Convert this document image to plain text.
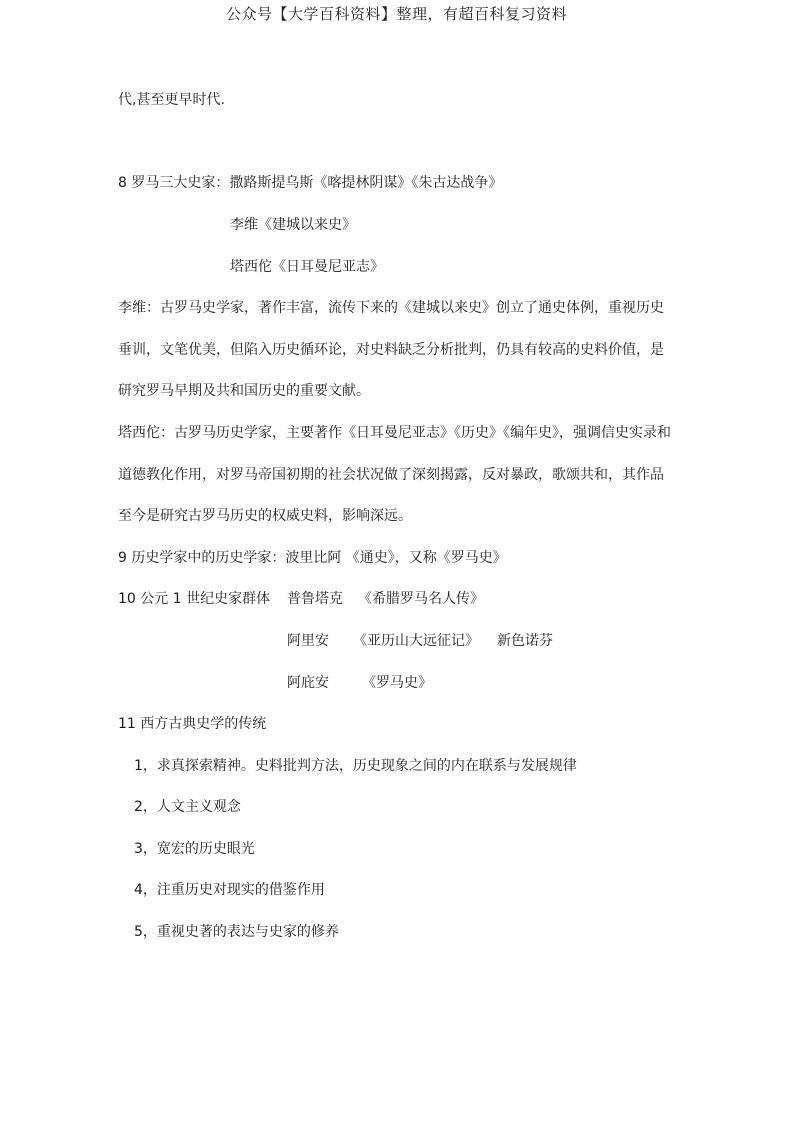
公众号【大学百科资料】整理，有超百科复习资料
代,甚至更早时代.
8 罗马三大史家：撒路斯提乌斯《喀提林阴谋》《朱古达战争》
李维《建城以来史》
塔西佗《日耳曼尼亚志》
李维：古罗马史学家，著作丰富，流传下来的《建城以来史》创立了通史体例，重视历史
垂训，文笔优美，但陷入历史循环论，对史料缺乏分析批判，仍具有较高的史料价值，是
研究罗马早期及共和国历史的重要文献。
塔西佗：古罗马历史学家，主要著作《日耳曼尼亚志》《历史》《编年史》，强调信史实录和
道德教化作用，对罗马帝国初期的社会状况做了深刻揭露，反对暴政，歌颂共和，其作品
至今是研究古罗马历史的权威史料，影响深远。
9 历史学家中的历史学家：波里比阿 《通史》，又称《罗马史》
10 公元 1 世纪史家群体 普鲁塔克 《希腊罗马名人传》
阿里安 《亚历山大远征记》 新色诺芬
阿庇安 《罗马史》
11 西方古典史学的传统
1，求真探索精神。史料批判方法，历史现象之间的内在联系与发展规律
2，人文主义观念
3，宽宏的历史眼光
4，注重历史对现实的借鉴作用
5，重视史著的表达与史家的修养
